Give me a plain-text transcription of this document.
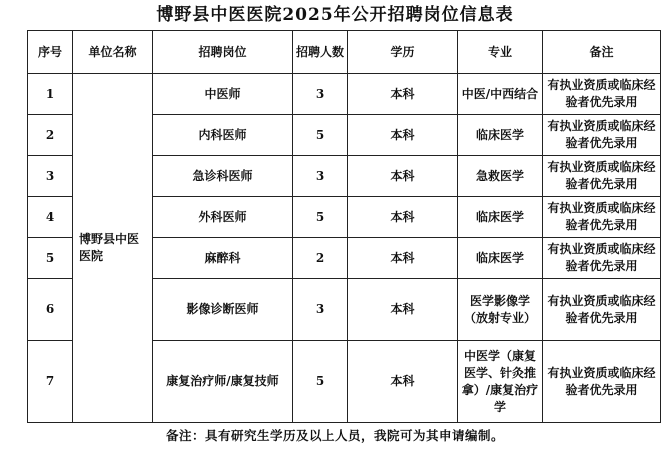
博野县中医医院2025年公开招聘岗位信息表
序号	单位名称	招聘岗位	招聘人数	学历	专业	备注
1	博野县中医医院	中医师	3	本科	中医/中西结合	有执业资质或临床经验者优先录用
2		内科医师	5	本科	临床医学	有执业资质或临床经验者优先录用
3		急诊科医师	3	本科	急救医学	有执业资质或临床经验者优先录用
4		外科医师	5	本科	临床医学	有执业资质或临床经验者优先录用
5		麻醉科	2	本科	临床医学	有执业资质或临床经验者优先录用
6		影像诊断医师	3	本科	医学影像学（放射专业）	有执业资质或临床经验者优先录用
7		康复治疗师/康复技师	5	本科	中医学（康复医学、针灸推拿）/康复治疗学	有执业资质或临床经验者优先录用
备注：具有研究生学历及以上人员，我院可为其申请编制。
